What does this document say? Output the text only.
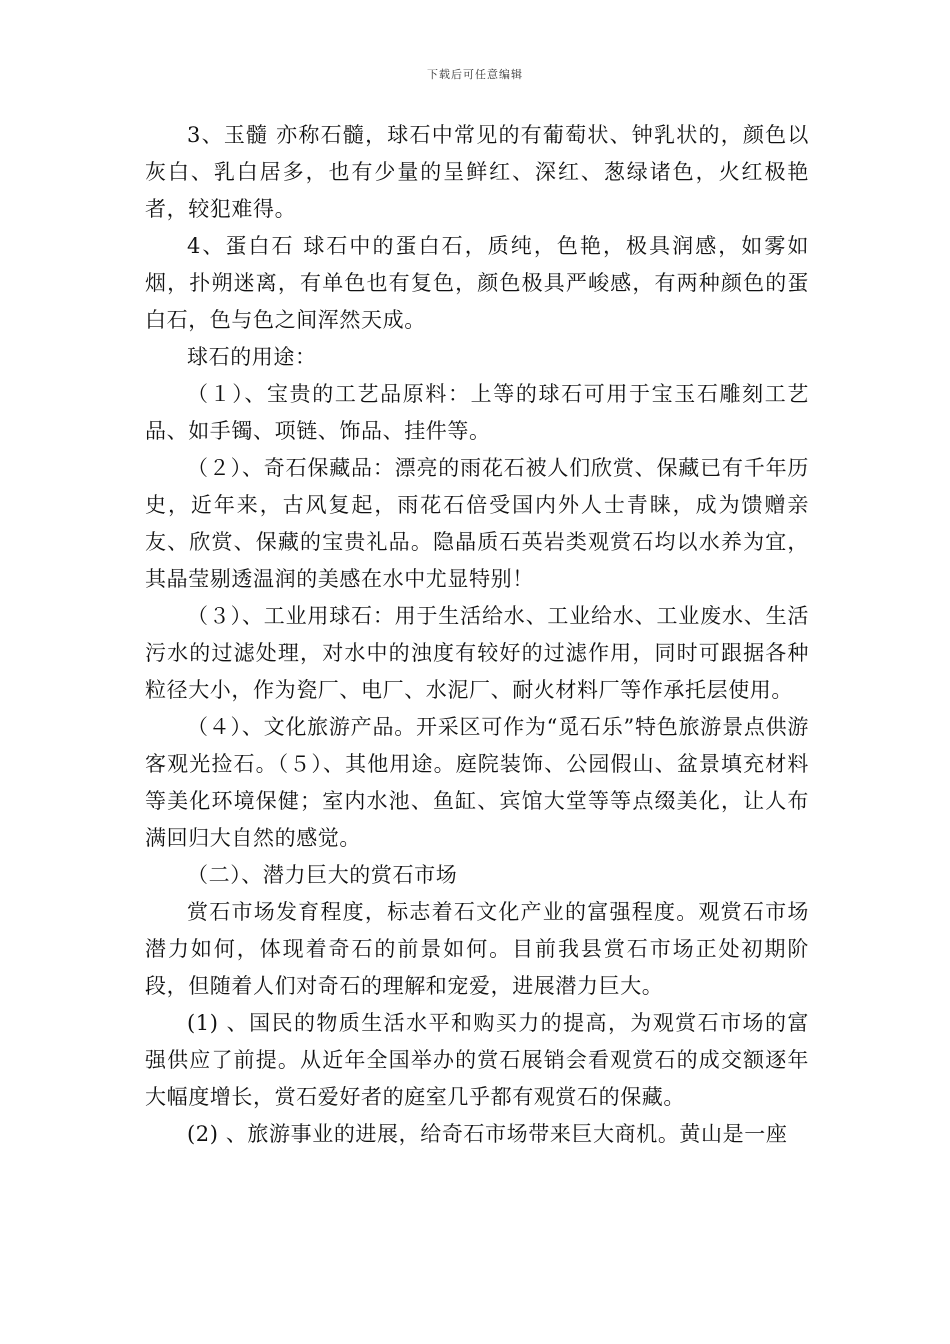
下载后可任意编辑

3、玉髓 亦称石髓，球石中常见的有葡萄状、钟乳状的，颜色以灰白、乳白居多，也有少量的呈鲜红、深红、葱绿诸色，火红极艳者，较犯难得。

4、蛋白石 球石中的蛋白石，质纯，色艳，极具润感，如雾如烟，扑朔迷离，有单色也有复色，颜色极具严峻感，有两种颜色的蛋白石，色与色之间浑然天成。

球石的用途：

（１）、宝贵的工艺品原料：上等的球石可用于宝玉石雕刻工艺品、如手镯、项链、饰品、挂件等。

（２）、奇石保藏品：漂亮的雨花石被人们欣赏、保藏已有千年历史，近年来，古风复起，雨花石倍受国内外人士青睐，成为馈赠亲友、欣赏、保藏的宝贵礼品。隐晶质石英岩类观赏石均以水养为宜，其晶莹剔透温润的美感在水中尤显特别！

（３）、工业用球石：用于生活给水、工业给水、工业废水、生活污水的过滤处理，对水中的浊度有较好的过滤作用，同时可跟据各种粒径大小，作为瓷厂、电厂、水泥厂、耐火材料厂等作承托层使用。

（４）、文化旅游产品。开采区可作为“觅石乐”特色旅游景点供游客观光捡石。（５）、其他用途。庭院装饰、公园假山、盆景填充材料等美化环境保健；室内水池、鱼缸、宾馆大堂等等点缀美化，让人布满回归大自然的感觉。

（二）、潜力巨大的赏石市场

赏石市场发育程度，标志着石文化产业的富强程度。观赏石市场潜力如何，体现着奇石的前景如何。目前我县赏石市场正处初期阶段，但随着人们对奇石的理解和宠爱，进展潜力巨大。

(1) 、国民的物质生活水平和购买力的提高，为观赏石市场的富强供应了前提。从近年全国举办的赏石展销会看观赏石的成交额逐年大幅度增长，赏石爱好者的庭室几乎都有观赏石的保藏。

(2) 、旅游事业的进展，给奇石市场带来巨大商机。黄山是一座
